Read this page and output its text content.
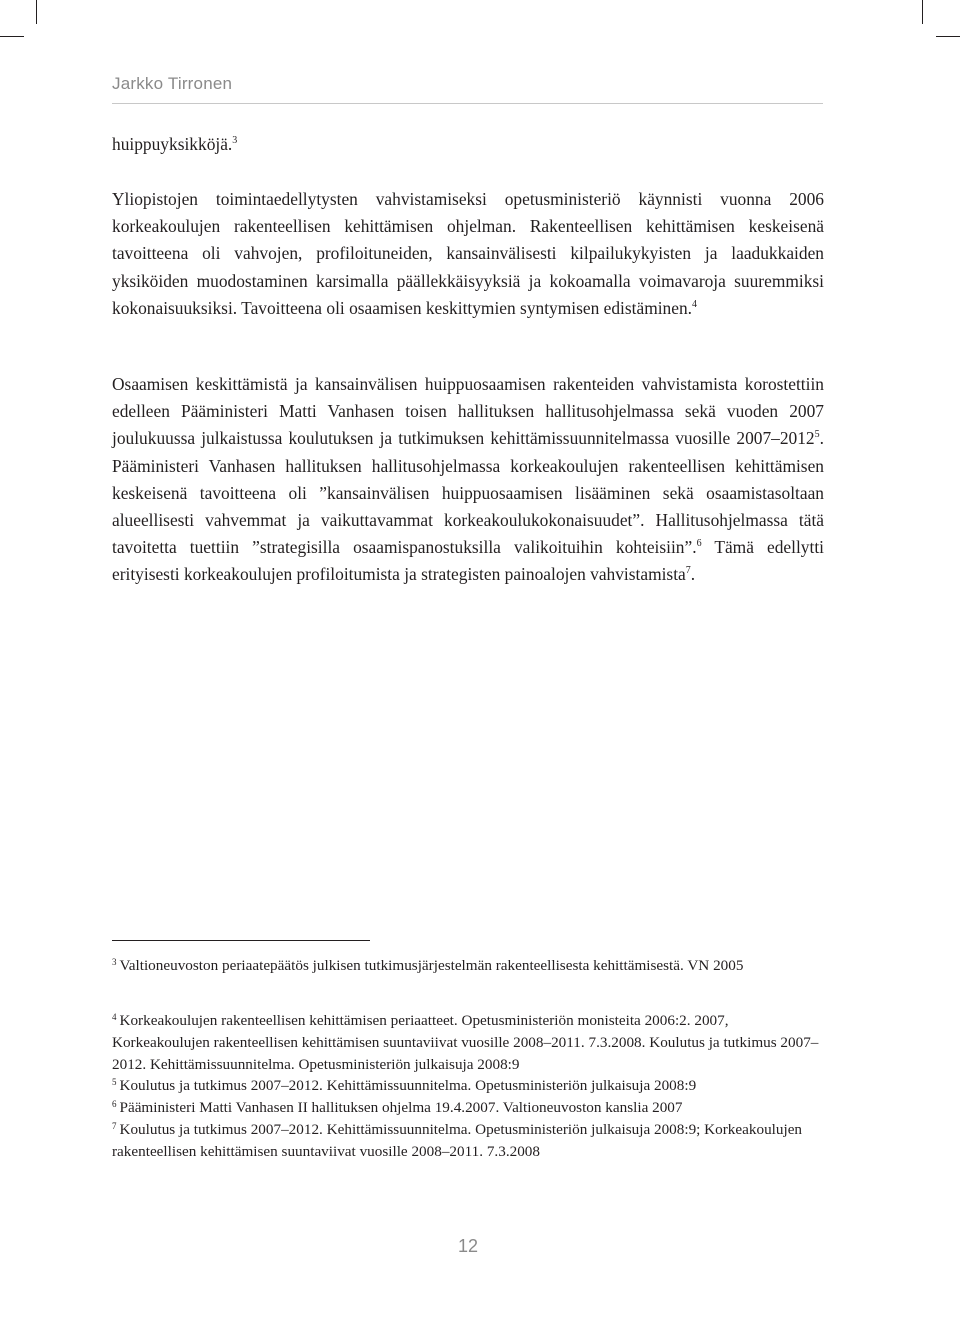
Jarkko Tirronen

huippuyksikköjä.$^3$

Yliopistojen toimintaedellytysten vahvistamiseksi opetusministeriö käynnisti vuonna 2006 korkeakoulujen rakenteellisen kehittämisen ohjelman. Rakenteellisen kehittämisen keskeisenä tavoitteena oli vahvojen, profiloituneiden, kansainvälisesti kilpailukykyisten ja laadukkaiden yksiköiden muodostaminen karsimalla päällekkäisyyksiä ja kokoamalla voimavaroja suuremmiksi kokonaisuuksiksi. Tavoitteena oli osaamisen keskittymien syntymisen edistäminen.$^4$

Osaamisen keskittämistä ja kansainvälisen huippuosaamisen rakenteiden vahvistamista korostettiin edelleen Pääministeri Matti Vanhasen toisen hallituksen hallitusohjelmassa sekä vuoden 2007 joulukuussa julkaistussa koulutuksen ja tutkimuksen kehittämissuunnitelmassa vuosille 2007–2012$^5$. Pääministeri Vanhasen hallituksen hallitusohjelmassa korkeakoulujen rakenteellisen kehittämisen keskeisenä tavoitteena oli ”kansainvälisen huippuosaamisen lisääminen sekä osaamistasoltaan alueellisesti vahvemmat ja vaikuttavammat korkeakoulukokonaisuudet”. Hallitusohjelmassa tätä tavoitetta tuettiin ”strategisilla osaamispanostuksilla valikoituihin kohteisiin”.$^6$ Tämä edellytti erityisesti korkeakoulujen profiloitumista ja strategisten painoalojen vahvistamista$^7$.

$^3$ Valtioneuvoston periaatepäätös julkisen tutkimusjärjestelmän rakenteellisesta kehittämisestä. VN 2005

$^4$ Korkeakoulujen rakenteellisen kehittämisen periaatteet. Opetusministeriön monisteita 2006:2. 2007, Korkeakoulujen rakenteellisen kehittämisen suuntaviivat vuosille 2008–2011. 7.3.2008. Koulutus ja tutkimus 2007–2012. Kehittämissuunnitelma. Opetusministeriön julkaisuja 2008:9

$^5$ Koulutus ja tutkimus 2007–2012. Kehittämissuunnitelma. Opetusministeriön julkaisuja 2008:9

$^6$ Pääministeri Matti Vanhasen II hallituksen ohjelma 19.4.2007. Valtioneuvoston kanslia 2007

$^7$ Koulutus ja tutkimus 2007–2012. Kehittämissuunnitelma. Opetusministeriön julkaisuja 2008:9; Korkeakoulujen rakenteellisen kehittämisen suuntaviivat vuosille 2008–2011. 7.3.2008

12
